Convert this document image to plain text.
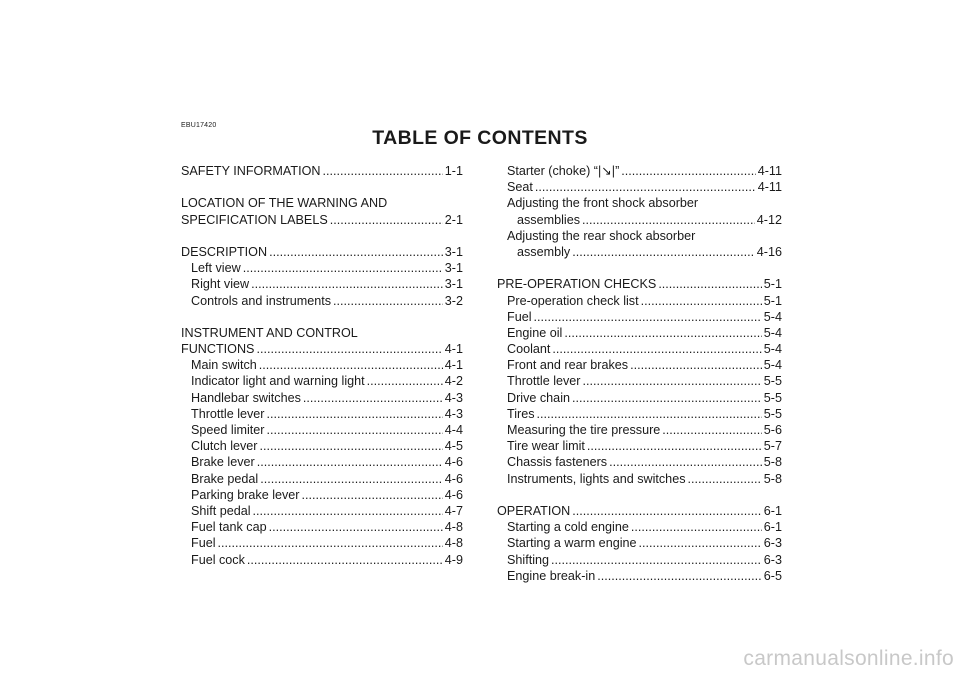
EBU17420
TABLE OF CONTENTS
SAFETY INFORMATION .....	1-1
LOCATION OF THE WARNING AND
SPECIFICATION LABELS .....	2-1
DESCRIPTION .....	3-1
Left view .....	3-1
Right view .....	3-1
Controls and instruments .....	3-2
INSTRUMENT AND CONTROL
FUNCTIONS .....	4-1
Main switch .....	4-1
Indicator light and warning light .....	4-2
Handlebar switches .....	4-3
Throttle lever .....	4-3
Speed limiter .....	4-4
Clutch lever .....	4-5
Brake lever .....	4-6
Brake pedal .....	4-6
Parking brake lever .....	4-6
Shift pedal .....	4-7
Fuel tank cap .....	4-8
Fuel .....	4-8
Fuel cock .....	4-9
Starter (choke) “|↘|” .....	4-11
Seat .....	4-11
Adjusting the front shock absorber
assemblies .....	4-12
Adjusting the rear shock absorber
assembly .....	4-16
PRE-OPERATION CHECKS .....	5-1
Pre-operation check list .....	5-1
Fuel .....	5-4
Engine oil .....	5-4
Coolant .....	5-4
Front and rear brakes .....	5-4
Throttle lever .....	5-5
Drive chain .....	5-5
Tires .....	5-5
Measuring the tire pressure .....	5-6
Tire wear limit .....	5-7
Chassis fasteners .....	5-8
Instruments, lights and switches .....	5-8
OPERATION .....	6-1
Starting a cold engine .....	6-1
Starting a warm engine .....	6-3
Shifting .....	6-3
Engine break-in .....	6-5
carmanualsonline.info
